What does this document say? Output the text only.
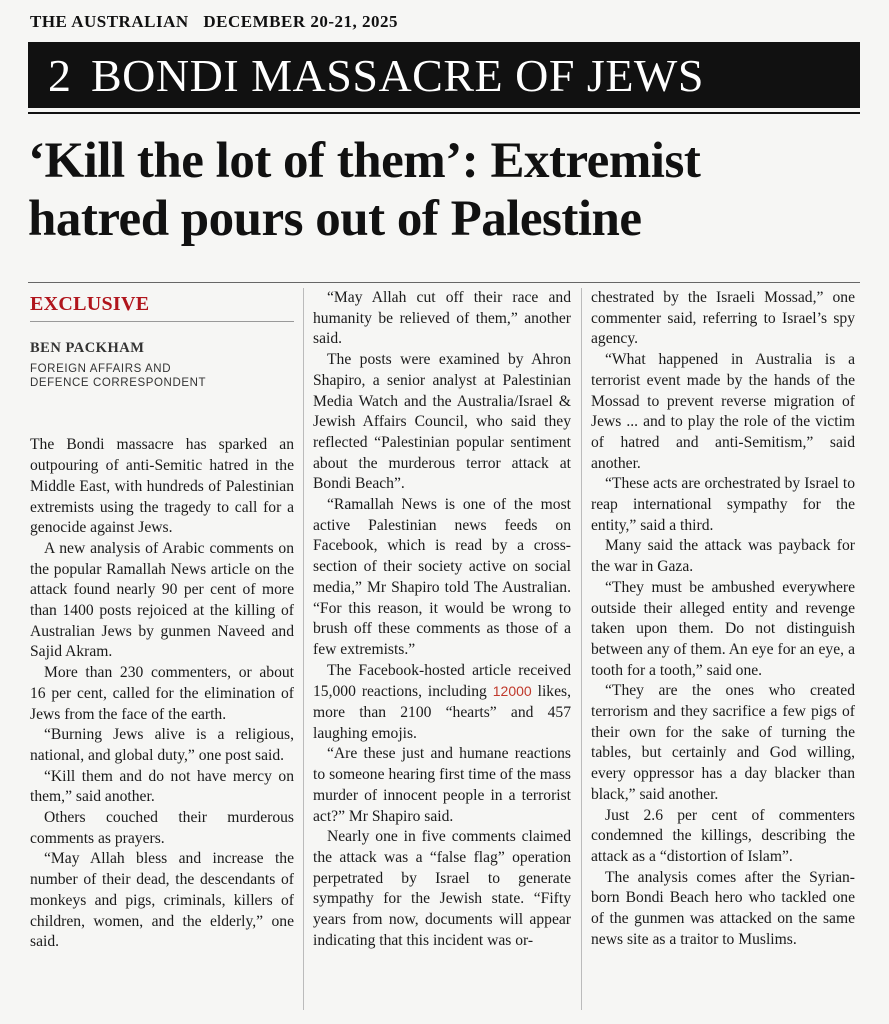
THE AUSTRALIAN DECEMBER 20-21, 2025
2 BONDI MASSACRE OF JEWS
‘Kill the lot of them’: Extremist
hatred pours out of Palestine
EXCLUSIVE
BEN PACKHAM
FOREIGN AFFAIRS AND
DEFENCE CORRESPONDENT

The Bondi massacre has sparked an outpouring of anti-Semitic hatred in the Middle East, with hundreds of Palestinian extremists using the tragedy to call for a genocide against Jews.

A new analysis of Arabic comments on the popular Ramallah News article on the attack found nearly 90 per cent of more than 1400 posts rejoiced at the killing of Australian Jews by gunmen Naveed and Sajid Akram.

More than 230 commenters, or about 16 per cent, called for the elimination of Jews from the face of the earth.

“Burning Jews alive is a religious, national, and global duty,” one post said.

“Kill them and do not have mercy on them,” said another.

Others couched their murderous comments as prayers.

“May Allah bless and increase the number of their dead, the descendants of monkeys and pigs, criminals, killers of children, women, and the elderly,” one said.

“May Allah cut off their race and humanity be relieved of them,” another said.

The posts were examined by Ahron Shapiro, a senior analyst at Palestinian Media Watch and the Australia/Israel & Jewish Affairs Council, who said they reflected “Palestinian popular sentiment about the murderous terror attack at Bondi Beach”.

“Ramallah News is one of the most active Palestinian news feeds on Facebook, which is read by a cross-section of their society active on social media,” Mr Shapiro told The Australian. “For this reason, it would be wrong to brush off these comments as those of a few extremists.”

The Facebook-hosted article received 15,000 reactions, including 12000 likes, more than 2100 “hearts” and 457 laughing emojis.

“Are these just and humane reactions to someone hearing first time of the mass murder of innocent people in a terrorist act?” Mr Shapiro said.

Nearly one in five comments claimed the attack was a “false flag” operation perpetrated by Israel to generate sympathy for the Jewish state. “Fifty years from now, documents will appear indicating that this incident was or-

chestrated by the Israeli Mossad,” one commenter said, referring to Israel’s spy agency.

“What happened in Australia is a terrorist event made by the hands of the Mossad to prevent reverse migration of Jews ... and to play the role of the victim of hatred and anti-Semitism,” said another.

“These acts are orchestrated by Israel to reap international sympathy for the entity,” said a third.

Many said the attack was payback for the war in Gaza.

“They must be ambushed everywhere outside their alleged entity and revenge taken upon them. Do not distinguish between any of them. An eye for an eye, a tooth for a tooth,” said one.

“They are the ones who created terrorism and they sacrifice a few pigs of their own for the sake of turning the tables, but certainly and God willing, every oppressor has a day blacker than black,” said another.

Just 2.6 per cent of commenters condemned the killings, describing the attack as a “distortion of Islam”.

The analysis comes after the Syrian-born Bondi Beach hero who tackled one of the gunmen was attacked on the same news site as a traitor to Muslims.
